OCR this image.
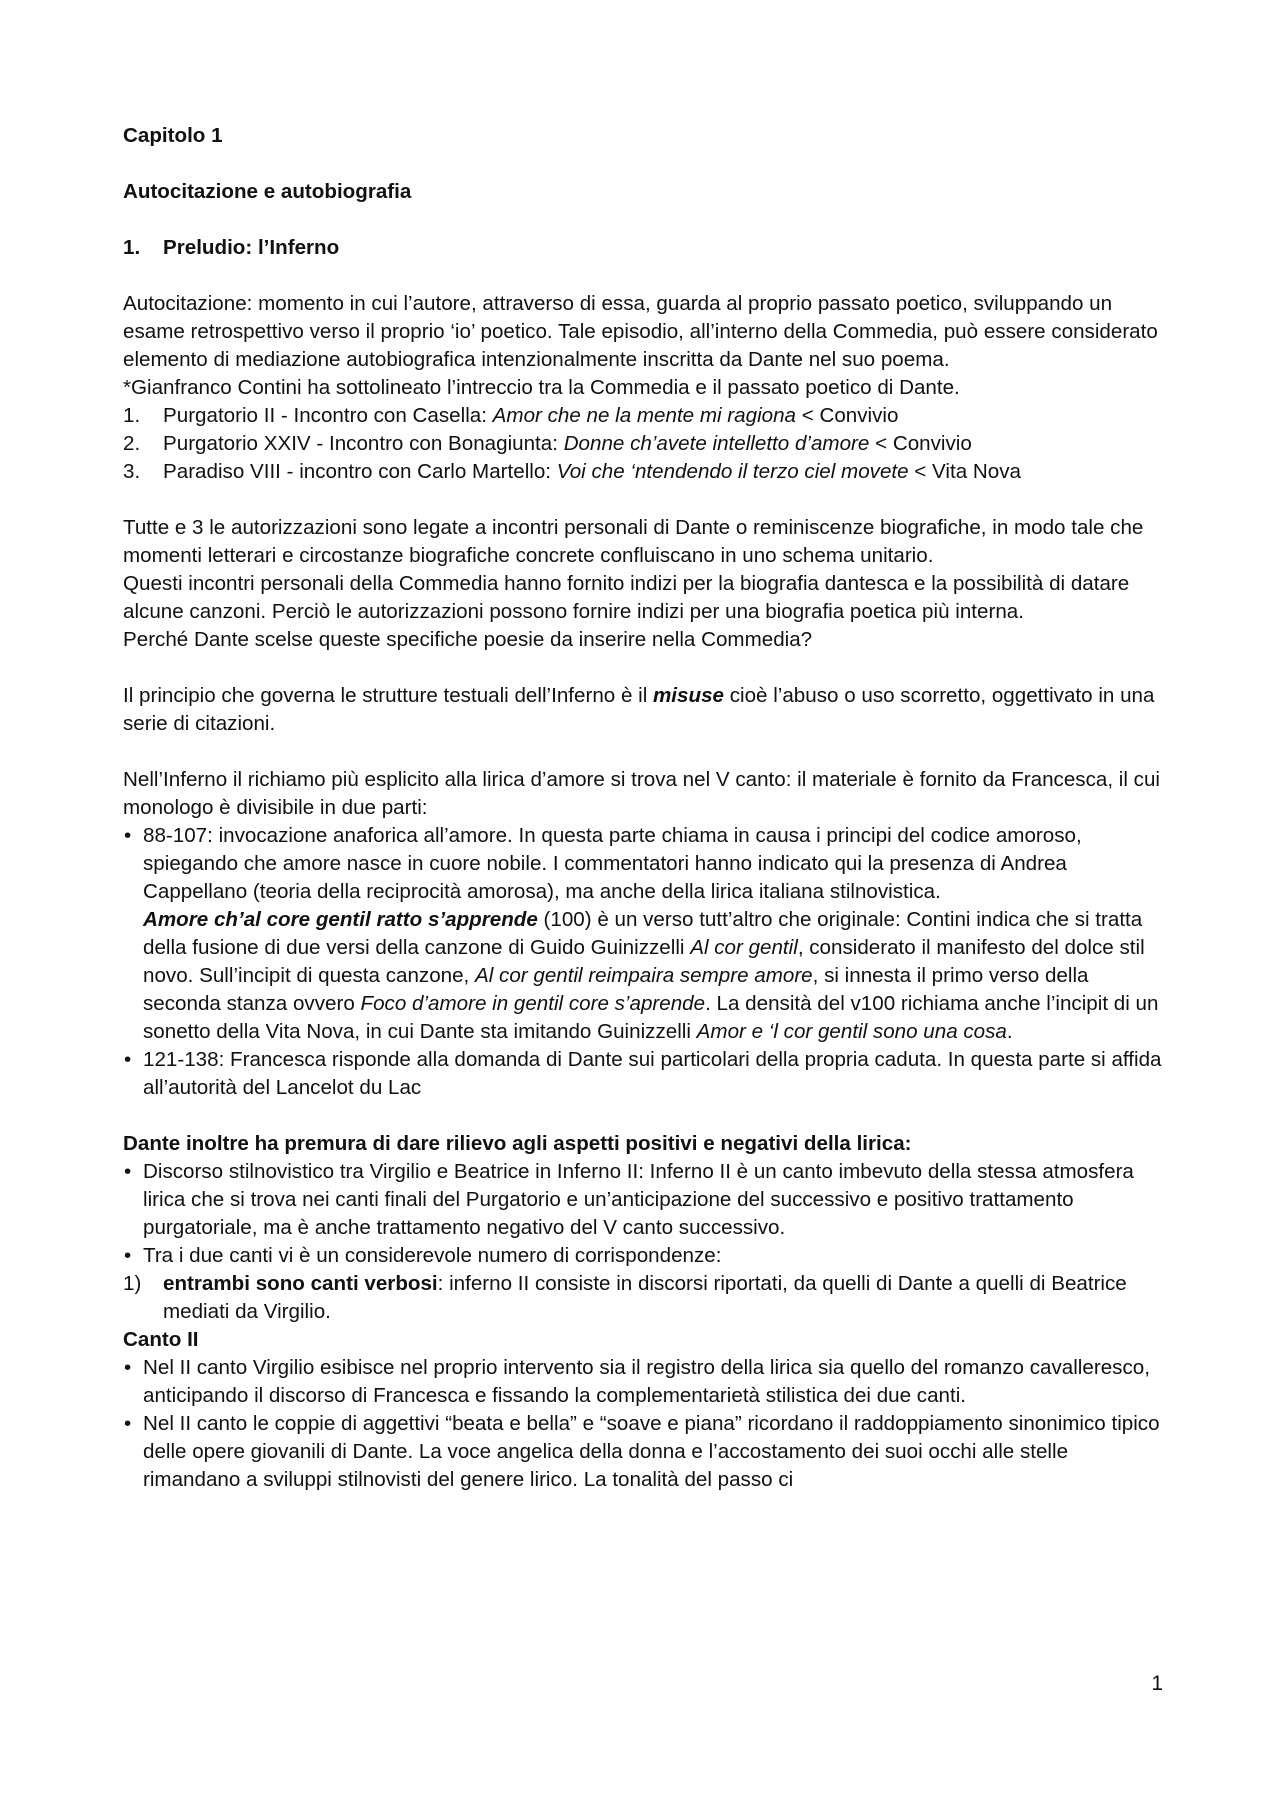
Capitolo 1

Autocitazione e autobiografia

1.	Preludio: l’Inferno

Autocitazione: momento in cui l’autore, attraverso di essa, guarda al proprio passato poetico, sviluppando un esame retrospettivo verso il proprio ‘io’ poetico. Tale episodio, all’interno della Commedia, può essere considerato elemento di mediazione autobiografica intenzionalmente inscritta da Dante nel suo poema.

*Gianfranco Contini ha sottolineato l’intreccio tra la Commedia e il passato poetico di Dante.

1.	Purgatorio II - Incontro con Casella: Amor che ne la mente mi ragiona < Convivio

2.	Purgatorio XXIV - Incontro con Bonagiunta: Donne ch’avete intelletto d’amore < Convivio

3.	Paradiso VIII - incontro con Carlo Martello: Voi che ‘ntendendo il terzo ciel movete < Vita Nova

Tutte e 3 le autorizzazioni sono legate a incontri personali di Dante o reminiscenze biografiche, in modo tale che momenti letterari e circostanze biografiche concrete confluiscano in uno schema unitario.

Questi incontri personali della Commedia hanno fornito indizi per la biografia dantesca e la possibilità di datare alcune canzoni. Perciò le autorizzazioni possono fornire indizi per una biografia poetica più interna.

Perché Dante scelse queste specifiche poesie da inserire nella Commedia?

Il principio che governa le strutture testuali dell’Inferno è il misuse cioè l’abuso o uso scorretto, oggettivato in una serie di citazioni.

Nell’Inferno il richiamo più esplicito alla lirica d’amore si trova nel V canto: il materiale è fornito da Francesca, il cui monologo è divisibile in due parti:

• 88-107: invocazione anaforica all’amore. In questa parte chiama in causa i principi del codice amoroso, spiegando che amore nasce in cuore nobile. I commentatori hanno indicato qui la presenza di Andrea Cappellano (teoria della reciprocità amorosa), ma anche della lirica italiana stilnovistica.

Amore ch’al core gentil ratto s’apprende (100) è un verso tutt’altro che originale: Contini indica che si tratta della fusione di due versi della canzone di Guido Guinizzelli Al cor gentil, considerato il manifesto del dolce stil novo. Sull’incipit di questa canzone, Al cor gentil reimpaira sempre amore, si innesta il primo verso della seconda stanza ovvero Foco d’amore in gentil core s’aprende. La densità del v100 richiama anche l’incipit di un sonetto della Vita Nova, in cui Dante sta imitando Guinizzelli Amor e ‘l cor gentil sono una cosa.

• 121-138: Francesca risponde alla domanda di Dante sui particolari della propria caduta. In questa parte si affida all’autorità del Lancelot du Lac

Dante inoltre ha premura di dare rilievo agli aspetti positivi e negativi della lirica:

• Discorso stilnovistico tra Virgilio e Beatrice in Inferno II: Inferno II è un canto imbevuto della stessa atmosfera lirica che si trova nei canti finali del Purgatorio e un’anticipazione del successivo e positivo trattamento purgatoriale, ma è anche trattamento negativo del V canto successivo.

• Tra i due canti vi è un considerevole numero di corrispondenze:

1)	entrambi sono canti verbosi: inferno II consiste in discorsi riportati, da quelli di Dante a quelli di Beatrice mediati da Virgilio.

Canto II

• Nel II canto Virgilio esibisce nel proprio intervento sia il registro della lirica sia quello del romanzo cavalleresco, anticipando il discorso di Francesca e fissando la complementarietà stilistica dei due canti.

• Nel II canto le coppie di aggettivi “beata e bella” e “soave e piana” ricordano il raddoppiamento sinonimico tipico delle opere giovanili di Dante. La voce angelica della donna e l’accostamento dei suoi occhi alle stelle rimandano a sviluppi stilnovisti del genere lirico. La tonalità del passo ci

1
